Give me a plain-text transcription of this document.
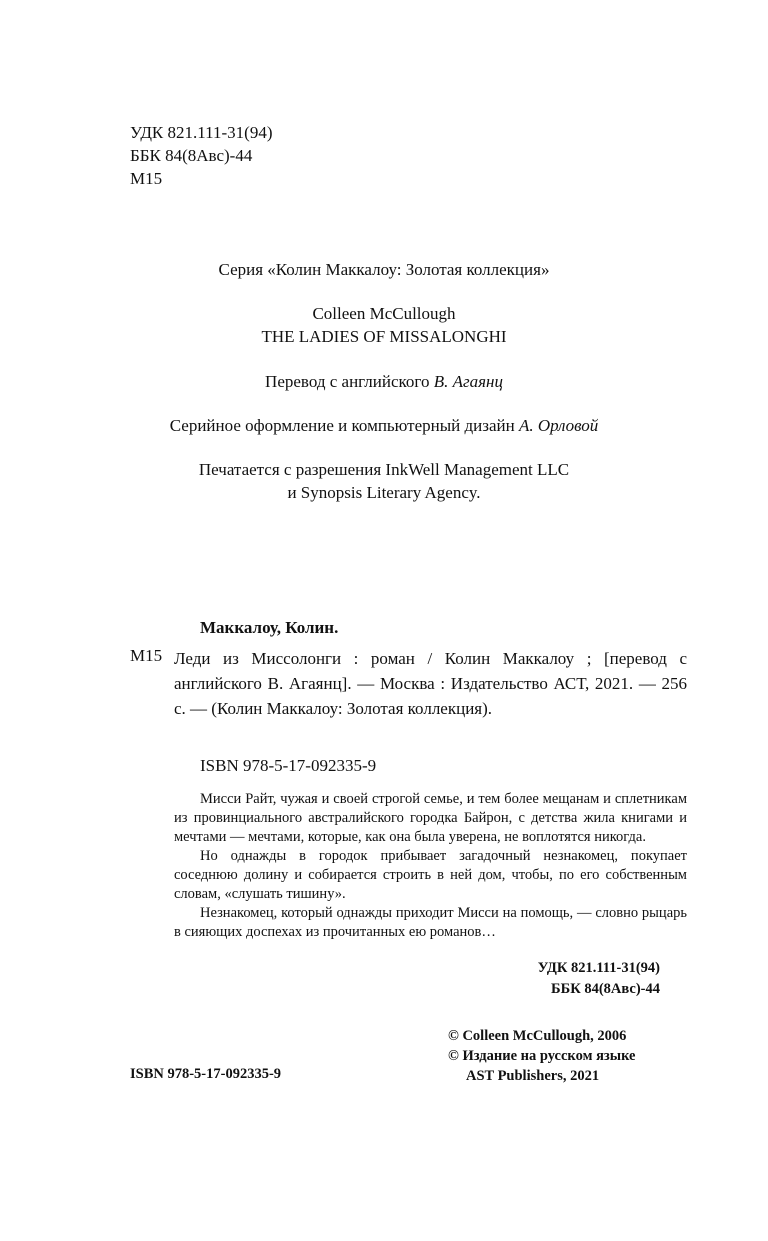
УДК 821.111-31(94)
ББК 84(8Авс)-44
М15
Серия «Колин Маккалоу: Золотая коллекция»
Colleen McCullough
THE LADIES OF MISSALONGHI
Перевод с английского В. Агаянц
Серийное оформление и компьютерный дизайн А. Орловой
Печатается с разрешения InkWell Management LLC
и Synopsis Literary Agency.
Маккалоу, Колин.
М15 Леди из Миссолонги : роман / Колин Маккалоу ; [перевод с английского В. Агаянц]. — Москва : Издательство АСТ, 2021. — 256 с. — (Колин Маккалоу: Золотая коллекция).
ISBN 978-5-17-092335-9

Мисси Райт, чужая и своей строгой семье, и тем более мещанам и сплетникам из провинциального австралийского городка Байрон, с детства жила книгами и мечтами — мечтами, которые, как она была уверена, не воплотятся никогда.

Но однажды в городок прибывает загадочный незнакомец, покупает соседнюю долину и собирается строить в ней дом, чтобы, по его собственным словам, «слушать тишину».

Незнакомец, который однажды приходит Мисси на помощь, — словно рыцарь в сияющих доспехах из прочитанных ею романов…

УДК 821.111-31(94)
ББК 84(8Авс)-44
© Colleen McCullough, 2006
© Издание на русском языке
AST Publishers, 2021
ISBN 978-5-17-092335-9
